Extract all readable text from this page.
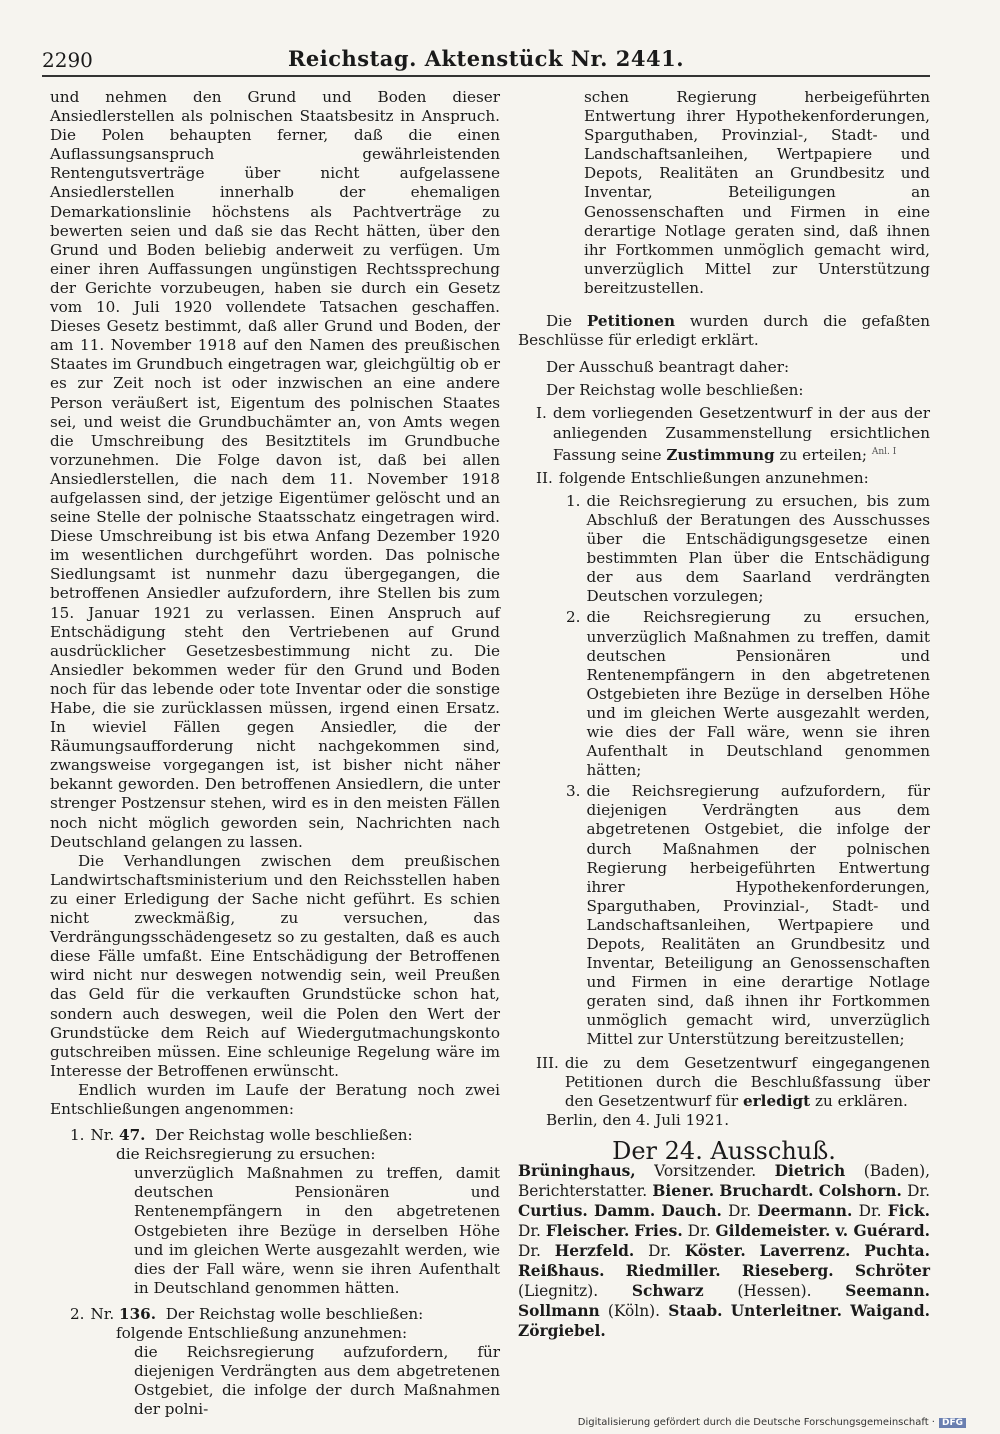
2290	Reichstag. Aktenstück Nr. 2441.

und nehmen den Grund und Boden dieser Ansiedlerstellen als polnischen Staatsbesitz in Anspruch. Die Polen behaupten ferner, daß die einen Auflassungsanspruch gewährleistenden Rentengutsverträge über nicht aufgelassene Ansiedlerstellen innerhalb der ehemaligen Demarkationslinie höchstens als Pachtverträge zu bewerten seien und daß sie das Recht hätten, über den Grund und Boden beliebig anderweit zu verfügen. Um einer ihren Auffassungen ungünstigen Rechtssprechung der Gerichte vorzubeugen, haben sie durch ein Gesetz vom 10. Juli 1920 vollendete Tatsachen geschaffen. Dieses Gesetz bestimmt, daß aller Grund und Boden, der am 11. November 1918 auf den Namen des preußischen Staates im Grundbuch eingetragen war, gleichgültig ob er es zur Zeit noch ist oder inzwischen an eine andere Person veräußert ist, Eigentum des polnischen Staates sei, und weist die Grundbuchämter an, von Amts wegen die Umschreibung des Besitztitels im Grundbuche vorzunehmen. Die Folge davon ist, daß bei allen Ansiedlerstellen, die nach dem 11. November 1918 aufgelassen sind, der jetzige Eigentümer gelöscht und an seine Stelle der polnische Staatsschatz eingetragen wird. Diese Umschreibung ist bis etwa Anfang Dezember 1920 im wesentlichen durchgeführt worden. Das polnische Siedlungsamt ist nunmehr dazu übergegangen, die betroffenen Ansiedler aufzufordern, ihre Stellen bis zum 15. Januar 1921 zu verlassen. Einen Anspruch auf Entschädigung steht den Vertriebenen auf Grund ausdrücklicher Gesetzesbestimmung nicht zu. Die Ansiedler bekommen weder für den Grund und Boden noch für das lebende oder tote Inventar oder die sonstige Habe, die sie zurücklassen müssen, irgend einen Ersatz. In wieviel Fällen gegen Ansiedler, die der Räumungsaufforderung nicht nachgekommen sind, zwangsweise vorgegangen ist, ist bisher nicht näher bekannt geworden. Den betroffenen Ansiedlern, die unter strenger Postzensur stehen, wird es in den meisten Fällen noch nicht möglich geworden sein, Nachrichten nach Deutschland gelangen zu lassen.

Die Verhandlungen zwischen dem preußischen Landwirtschaftsministerium und den Reichsstellen haben zu einer Erledigung der Sache nicht geführt. Es schien nicht zweckmäßig, zu versuchen, das Verdrängungsschädengesetz so zu gestalten, daß es auch diese Fälle umfaßt. Eine Entschädigung der Betroffenen wird nicht nur deswegen notwendig sein, weil Preußen das Geld für die verkauften Grundstücke schon hat, sondern auch deswegen, weil die Polen den Wert der Grundstücke dem Reich auf Wiedergutmachungskonto gutschreiben müssen. Eine schleunige Regelung wäre im Interesse der Betroffenen erwünscht.

Endlich wurden im Laufe der Beratung noch zwei Entschließungen angenommen:

1. Nr. 47. Der Reichstag wolle beschließen:

die Reichsregierung zu ersuchen:

unverzüglich Maßnahmen zu treffen, damit deutschen Pensionären und Rentenempfängern in den abgetretenen Ostgebieten ihre Bezüge in derselben Höhe und im gleichen Werte ausgezahlt werden, wie dies der Fall wäre, wenn sie ihren Aufenthalt in Deutschland genommen hätten.

2. Nr. 136. Der Reichstag wolle beschließen:

folgende Entschließung anzunehmen:

die Reichsregierung aufzufordern, für diejenigen Verdrängten aus dem abgetretenen Ostgebiet, die infolge der durch Maßnahmen der polni-

schen Regierung herbeigeführten Entwertung ihrer Hypothekenforderungen, Sparguthaben, Provinzial-, Stadt- und Landschaftsanleihen, Wertpapiere und Depots, Realitäten an Grundbesitz und Inventar, Beteiligungen an Genossenschaften und Firmen in eine derartige Notlage geraten sind, daß ihnen ihr Fortkommen unmöglich gemacht wird, unverzüglich Mittel zur Unterstützung bereitzustellen.

Die Petitionen wurden durch die gefaßten Beschlüsse für erledigt erklärt.

Der Ausschuß beantragt daher:

Der Reichstag wolle beschließen:

I. dem vorliegenden Gesetzentwurf in der aus der anliegenden Zusammenstellung ersichtlichen Fassung seine Zustimmung zu erteilen; $^{Anl. I}$
II. folgende Entschließungen anzunehmen:
1. die Reichsregierung zu ersuchen, bis zum Abschluß der Beratungen des Ausschusses über die Entschädigungsgesetze einen bestimmten Plan über die Entschädigung der aus dem Saarland verdrängten Deutschen vorzulegen;
2. die Reichsregierung zu ersuchen, unverzüglich Maßnahmen zu treffen, damit deutschen Pensionären und Rentenempfängern in den abgetretenen Ostgebieten ihre Bezüge in derselben Höhe und im gleichen Werte ausgezahlt werden, wie dies der Fall wäre, wenn sie ihren Aufenthalt in Deutschland genommen hätten;
3. die Reichsregierung aufzufordern, für diejenigen Verdrängten aus dem abgetretenen Ostgebiet, die infolge der durch Maßnahmen der polnischen Regierung herbeigeführten Entwertung ihrer Hypothekenforderungen, Sparguthaben, Provinzial-, Stadt- und Landschaftsanleihen, Wertpapiere und Depots, Realitäten an Grundbesitz und Inventar, Beteiligung an Genossenschaften und Firmen in eine derartige Notlage geraten sind, daß ihnen ihr Fortkommen unmöglich gemacht wird, unverzüglich Mittel zur Unterstützung bereitzustellen;
III. die zu dem Gesetzentwurf eingegangenen Petitionen durch die Beschlußfassung über den Gesetzentwurf für erledigt zu erklären.

Berlin, den 4. Juli 1921.

Der 24. Ausschuß.

Brüninghaus, Vorsitzender. Dietrich (Baden), Berichterstatter. Biener. Bruchardt. Colshorn. Dr. Curtius. Damm. Dauch. Dr. Deermann. Dr. Fick. Dr. Fleischer. Fries. Dr. Gildemeister. v. Guérard. Dr. Herzfeld. Dr. Köster. Laverrenz. Puchta. Reißhaus. Riedmiller. Rieseberg. Schröter (Liegnitz). Schwarz (Hessen). Seemann. Sollmann (Köln). Staab. Unterleitner. Waigand. Zörgiebel.

Digitalisierung gefördert durch die Deutsche Forschungsgemeinschaft · DFG
